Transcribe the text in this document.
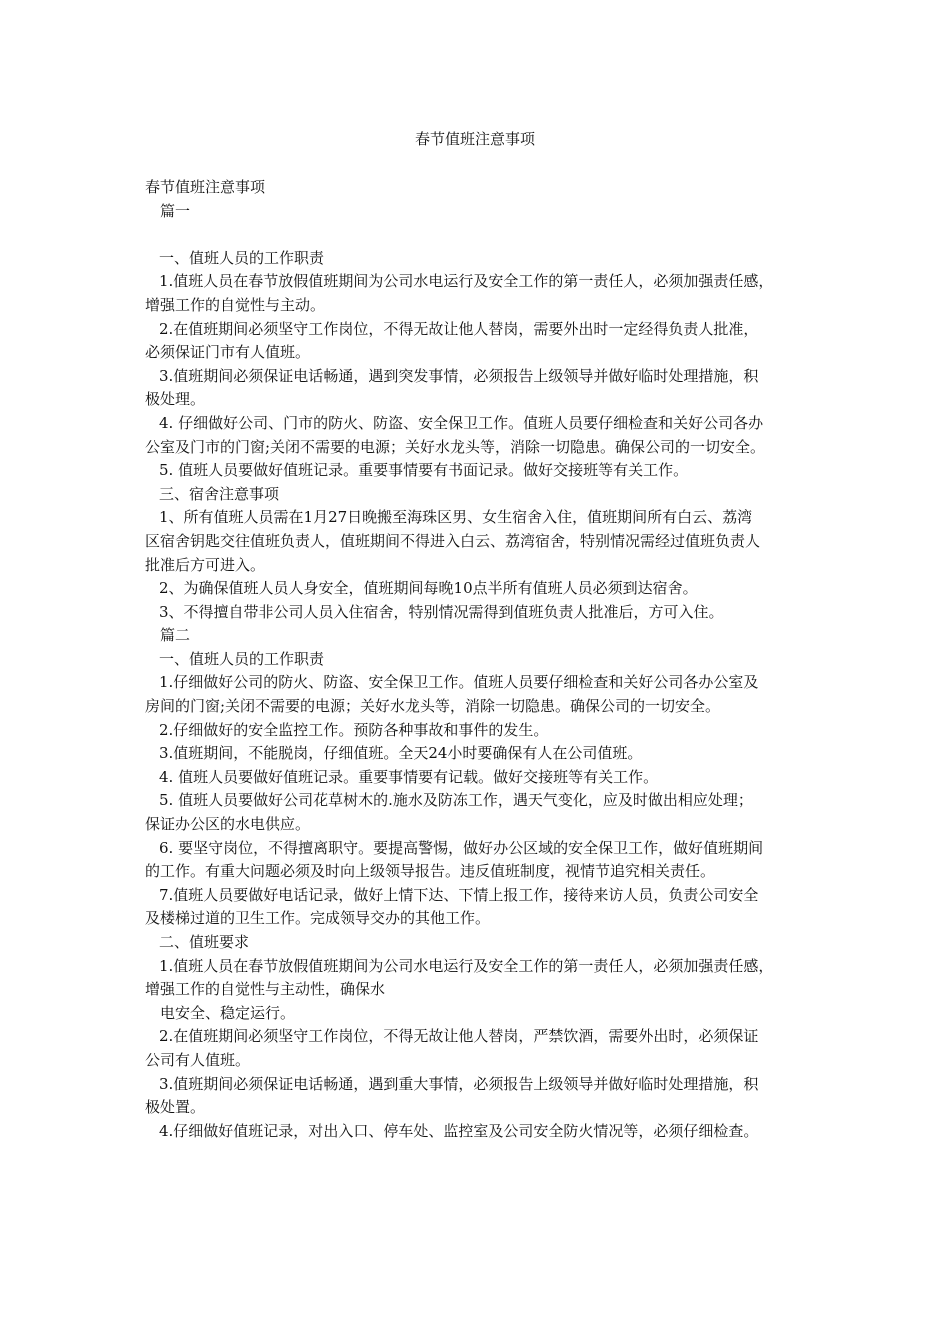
春节值班注意事项

春节值班注意事项

篇一

一、值班人员的工作职责

1.值班人员在春节放假值班期间为公司水电运行及安全工作的第一责任人，必须加强责任感，

增强工作的自觉性与主动。

2.在值班期间必须坚守工作岗位，不得无故让他人替岗，需要外出时一定经得负责人批准，

必须保证门市有人值班。

3.值班期间必须保证电话畅通，遇到突发事情，必须报告上级领导并做好临时处理措施，积

极处理。

4. 仔细做好公司、门市的防火、防盗、安全保卫工作。值班人员要仔细检查和关好公司各办

公室及门市的门窗;关闭不需要的电源；关好水龙头等，消除一切隐患。确保公司的一切安全。

5. 值班人员要做好值班记录。重要事情要有书面记录。做好交接班等有关工作。

三、宿舍注意事项

1、所有值班人员需在1月27日晚搬至海珠区男、女生宿舍入住，值班期间所有白云、荔湾

区宿舍钥匙交往值班负责人，值班期间不得进入白云、荔湾宿舍，特别情况需经过值班负责人

批准后方可进入。

2、为确保值班人员人身安全，值班期间每晚10点半所有值班人员必须到达宿舍。

3、不得擅自带非公司人员入住宿舍，特别情况需得到值班负责人批准后，方可入住。

篇二

一、值班人员的工作职责

1.仔细做好公司的防火、防盗、安全保卫工作。值班人员要仔细检查和关好公司各办公室及

房间的门窗;关闭不需要的电源；关好水龙头等，消除一切隐患。确保公司的一切安全。

2.仔细做好的安全监控工作。预防各种事故和事件的发生。

3.值班期间，不能脱岗，仔细值班。全天24小时要确保有人在公司值班。

4. 值班人员要做好值班记录。重要事情要有记载。做好交接班等有关工作。

5. 值班人员要做好公司花草树木的.施水及防冻工作，遇天气变化，应及时做出相应处理；

保证办公区的水电供应。

6. 要坚守岗位，不得擅离职守。要提高警惕，做好办公区域的安全保卫工作，做好值班期间

的工作。有重大问题必须及时向上级领导报告。违反值班制度，视情节追究相关责任。

7.值班人员要做好电话记录，做好上情下达、下情上报工作，接待来访人员，负责公司安全

及楼梯过道的卫生工作。完成领导交办的其他工作。

二、值班要求

1.值班人员在春节放假值班期间为公司水电运行及安全工作的第一责任人，必须加强责任感，

增强工作的自觉性与主动性，确保水

电安全、稳定运行。

2.在值班期间必须坚守工作岗位，不得无故让他人替岗，严禁饮酒，需要外出时，必须保证

公司有人值班。

3.值班期间必须保证电话畅通，遇到重大事情，必须报告上级领导并做好临时处理措施，积

极处置。

4.仔细做好值班记录，对出入口、停车处、监控室及公司安全防火情况等，必须仔细检查。
